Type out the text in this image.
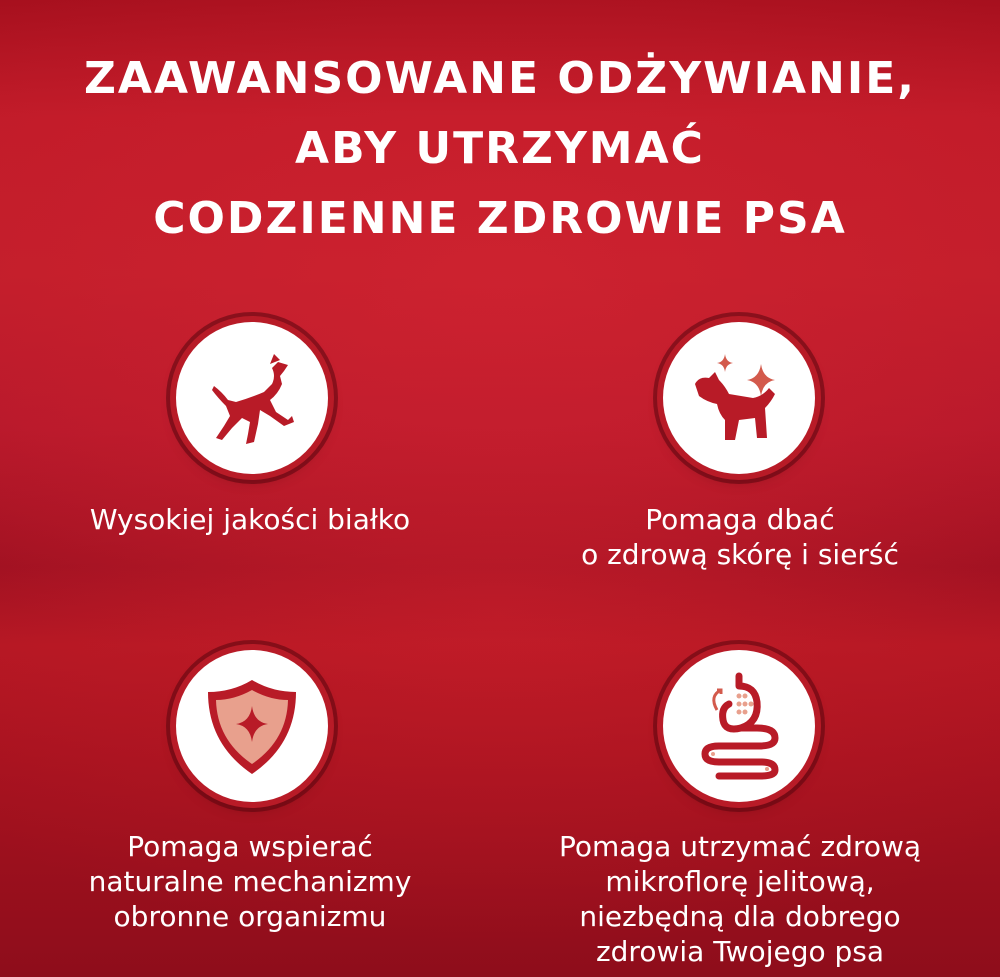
ZAAWANSOWANE ODŻYWIANIE,
ABY UTRZYMAĆ
CODZIENNE ZDROWIE PSA

Wysokiej jakości białko	Pomaga dbać
o zdrową skórę i sierść

Pomaga wspierać
naturalne mechanizmy
obronne organizmu

Pomaga utrzymać zdrową
mikroflorę jelitową,
niezbędną dla dobrego
zdrowia Twojego psa
